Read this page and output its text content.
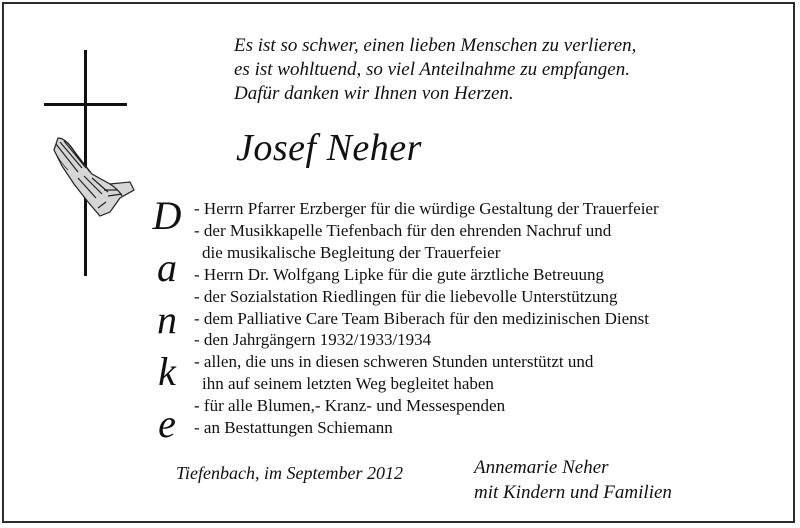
Es ist so schwer, einen lieben Menschen zu verlieren,
es ist wohltuend, so viel Anteilnahme zu empfangen.
Dafür danken wir Ihnen von Herzen.
Josef Neher
D
a
n
k
e
- Herrn Pfarrer Erzberger für die würdige Gestaltung der Trauerfeier
- der Musikkapelle Tiefenbach für den ehrenden Nachruf und
die musikalische Begleitung der Trauerfeier
- Herrn Dr. Wolfgang Lipke für die gute ärztliche Betreuung
- der Sozialstation Riedlingen für die liebevolle Unterstützung
- dem Palliative Care Team Biberach für den medizinischen Dienst
- den Jahrgängern 1932/1933/1934
- allen, die uns in diesen schweren Stunden unterstützt und
ihn auf seinem letzten Weg begleitet haben
- für alle Blumen,- Kranz- und Messespenden
- an Bestattungen Schiemann
Tiefenbach, im September 2012	Annemarie Neher
mit Kindern und Familien
